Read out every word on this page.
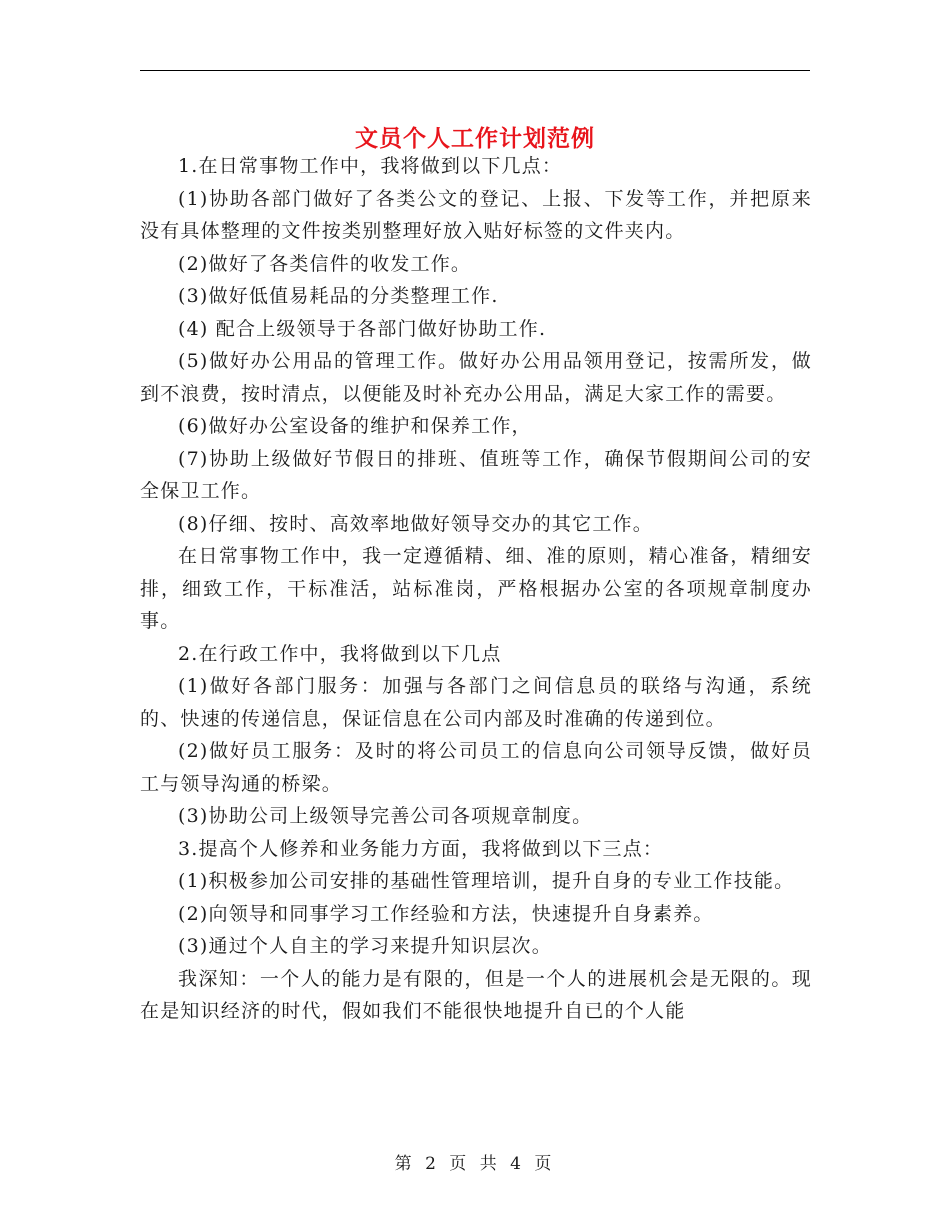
文员个人工作计划范例

1.在日常事物工作中，我将做到以下几点：

(1)协助各部门做好了各类公文的登记、上报、下发等工作，并把原来没有具体整理的文件按类别整理好放入贴好标签的文件夹内。

(2)做好了各类信件的收发工作。

(3)做好低值易耗品的分类整理工作.

(4) 配合上级领导于各部门做好协助工作.

(5)做好办公用品的管理工作。做好办公用品领用登记，按需所发，做到不浪费，按时清点，以便能及时补充办公用品，满足大家工作的需要。

(6)做好办公室设备的维护和保养工作，

(7)协助上级做好节假日的排班、值班等工作，确保节假期间公司的安全保卫工作。

(8)仔细、按时、高效率地做好领导交办的其它工作。

在日常事物工作中，我一定遵循精、细、准的原则，精心准备，精细安排，细致工作，干标准活，站标准岗，严格根据办公室的各项规章制度办事。

2.在行政工作中，我将做到以下几点

(1)做好各部门服务：加强与各部门之间信息员的联络与沟通，系统的、快速的传递信息，保证信息在公司内部及时准确的传递到位。

(2)做好员工服务：及时的将公司员工的信息向公司领导反馈，做好员工与领导沟通的桥梁。

(3)协助公司上级领导完善公司各项规章制度。

3.提高个人修养和业务能力方面，我将做到以下三点：

(1)积极参加公司安排的基础性管理培训，提升自身的专业工作技能。

(2)向领导和同事学习工作经验和方法，快速提升自身素养。

(3)通过个人自主的学习来提升知识层次。

我深知：一个人的能力是有限的，但是一个人的进展机会是无限的。现在是知识经济的时代，假如我们不能很快地提升自已的个人能

第 2 页 共 4 页
